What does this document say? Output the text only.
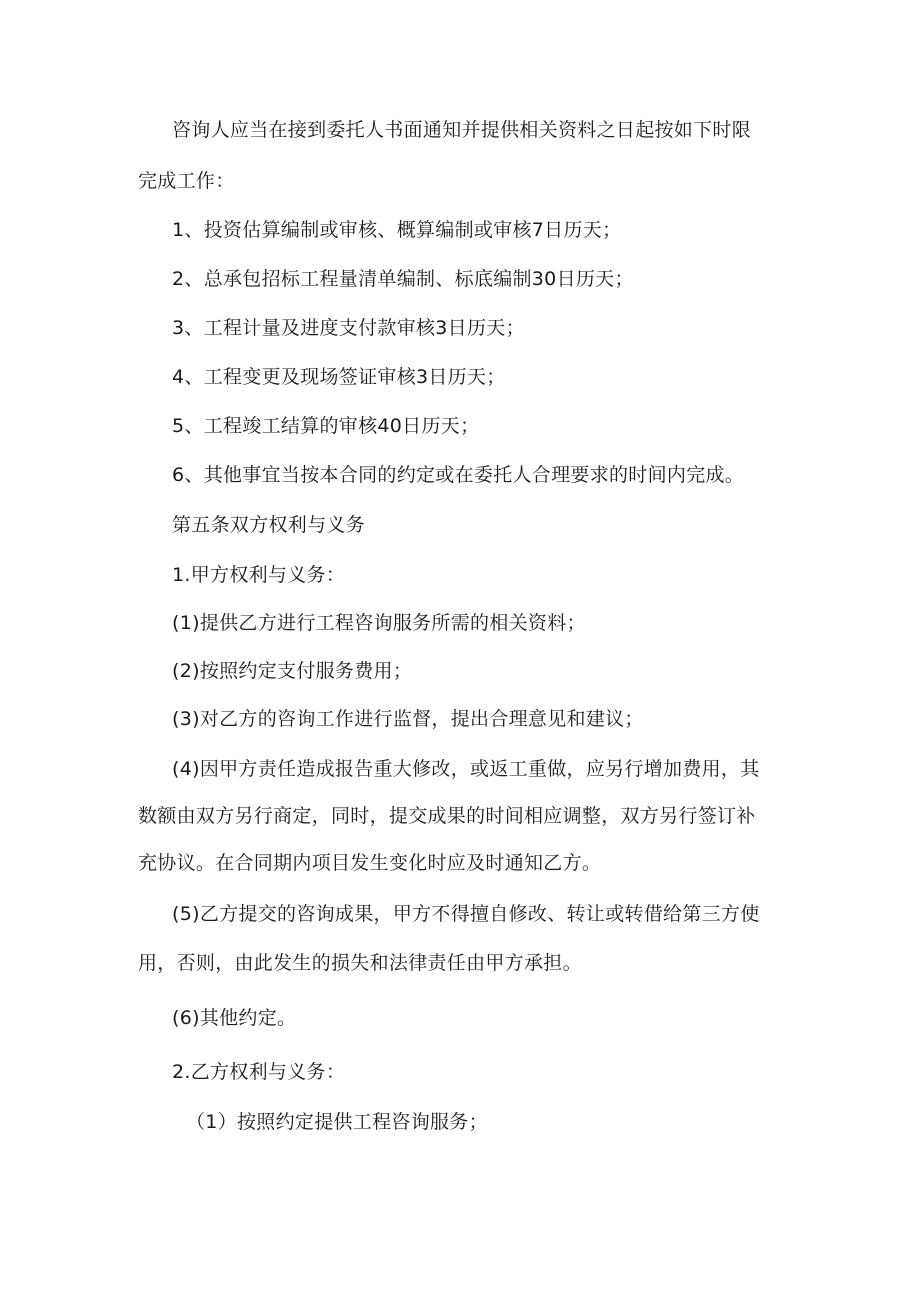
咨询人应当在接到委托人书面通知并提供相关资料之日起按如下时限
完成工作：
1、投资估算编制或审核、概算编制或审核7日历天；
2、总承包招标工程量清单编制、标底编制30日历天；
3、工程计量及进度支付款审核3日历天；
4、工程变更及现场签证审核3日历天；
5、工程竣工结算的审核40日历天；
6、其他事宜当按本合同的约定或在委托人合理要求的时间内完成。
第五条双方权利与义务
1.甲方权利与义务：
(1)提供乙方进行工程咨询服务所需的相关资料；
(2)按照约定支付服务费用；
(3)对乙方的咨询工作进行监督，提出合理意见和建议；
(4)因甲方责任造成报告重大修改，或返工重做，应另行增加费用，其
数额由双方另行商定，同时，提交成果的时间相应调整，双方另行签订补
充协议。在合同期内项目发生变化时应及时通知乙方。
(5)乙方提交的咨询成果，甲方不得擅自修改、转让或转借给第三方使
用，否则，由此发生的损失和法律责任由甲方承担。
(6)其他约定。
2.乙方权利与义务：
（1）按照约定提供工程咨询服务；
